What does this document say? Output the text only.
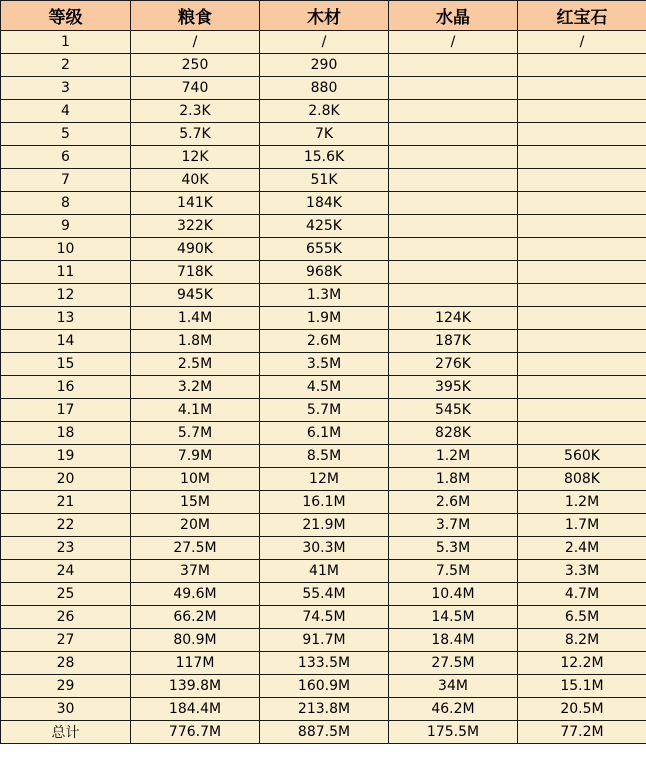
等级	粮食	木材	水晶	红宝石
1	/	/	/	/
2	250	290		
3	740	880		
4	2.3K	2.8K		
5	5.7K	7K		
6	12K	15.6K		
7	40K	51K		
8	141K	184K		
9	322K	425K		
10	490K	655K		
11	718K	968K		
12	945K	1.3M		
13	1.4M	1.9M	124K	
14	1.8M	2.6M	187K	
15	2.5M	3.5M	276K	
16	3.2M	4.5M	395K	
17	4.1M	5.7M	545K	
18	5.7M	6.1M	828K	
19	7.9M	8.5M	1.2M	560K
20	10M	12M	1.8M	808K
21	15M	16.1M	2.6M	1.2M
22	20M	21.9M	3.7M	1.7M
23	27.5M	30.3M	5.3M	2.4M
24	37M	41M	7.5M	3.3M
25	49.6M	55.4M	10.4M	4.7M
26	66.2M	74.5M	14.5M	6.5M
27	80.9M	91.7M	18.4M	8.2M
28	117M	133.5M	27.5M	12.2M
29	139.8M	160.9M	34M	15.1M
30	184.4M	213.8M	46.2M	20.5M
总计	776.7M	887.5M	175.5M	77.2M
